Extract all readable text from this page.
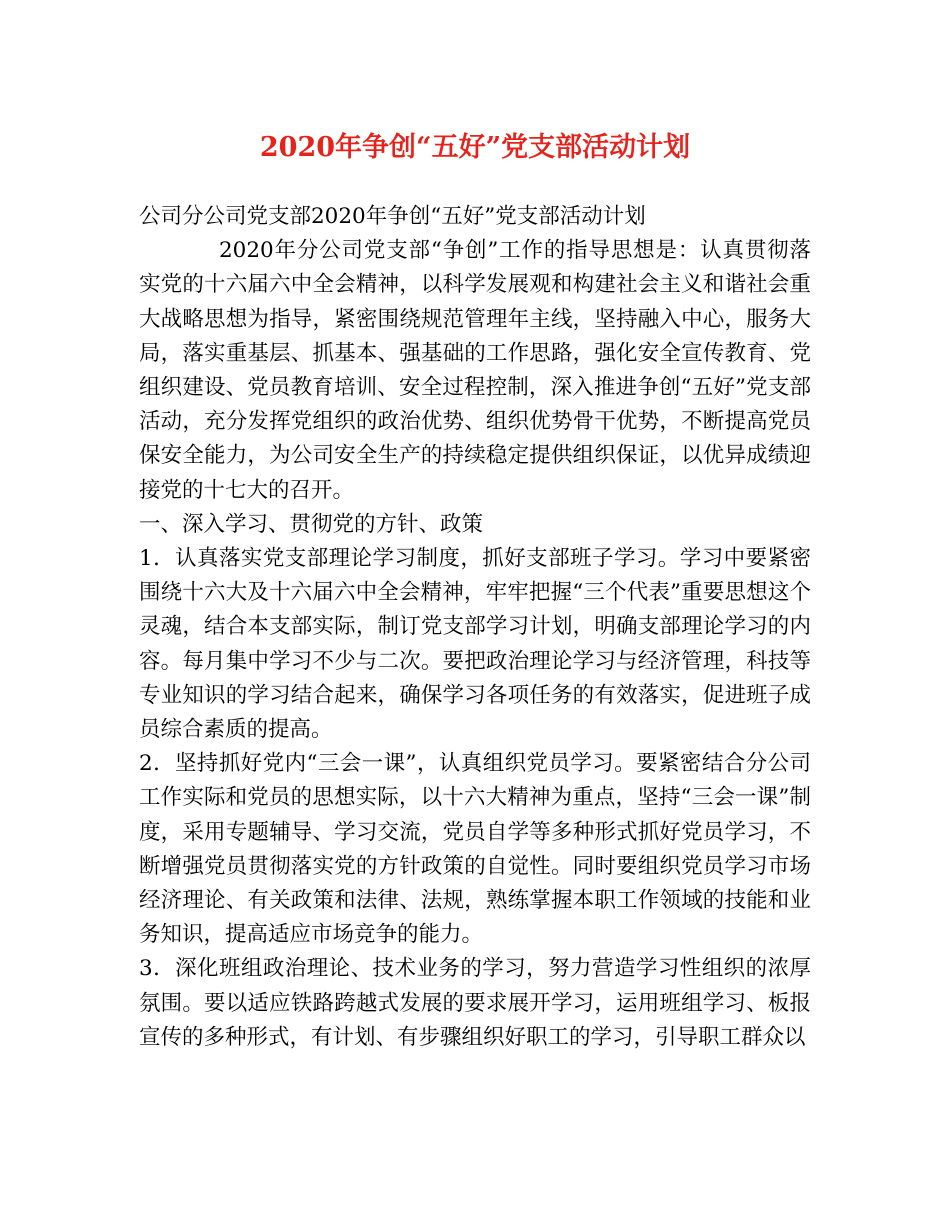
2020年争创“五好”党支部活动计划

公司分公司党支部2020年争创“五好”党支部活动计划

2020年分公司党支部“争创”工作的指导思想是：认真贯彻落实党的十六届六中全会精神，以科学发展观和构建社会主义和谐社会重大战略思想为指导，紧密围绕规范管理年主线，坚持融入中心，服务大局，落实重基层、抓基本、强基础的工作思路，强化安全宣传教育、党组织建设、党员教育培训、安全过程控制，深入推进争创“五好”党支部活动，充分发挥党组织的政治优势、组织优势骨干优势，不断提高党员保安全能力，为公司安全生产的持续稳定提供组织保证，以优异成绩迎接党的十七大的召开。

一、深入学习、贯彻党的方针、政策

1．认真落实党支部理论学习制度，抓好支部班子学习。学习中要紧密围绕十六大及十六届六中全会精神，牢牢把握“三个代表”重要思想这个灵魂，结合本支部实际，制订党支部学习计划，明确支部理论学习的内容。每月集中学习不少与二次。要把政治理论学习与经济管理，科技等专业知识的学习结合起来，确保学习各项任务的有效落实，促进班子成员综合素质的提高。

2．坚持抓好党内“三会一课”，认真组织党员学习。要紧密结合分公司工作实际和党员的思想实际，以十六大精神为重点，坚持“三会一课”制度，采用专题辅导、学习交流，党员自学等多种形式抓好党员学习，不断增强党员贯彻落实党的方针政策的自觉性。同时要组织党员学习市场经济理论、有关政策和法律、法规，熟练掌握本职工作领域的技能和业务知识，提高适应市场竞争的能力。

3．深化班组政治理论、技术业务的学习，努力营造学习性组织的浓厚氛围。要以适应铁路跨越式发展的要求展开学习，运用班组学习、板报宣传的多种形式，有计划、有步骤组织好职工的学习，引导职工群众以
